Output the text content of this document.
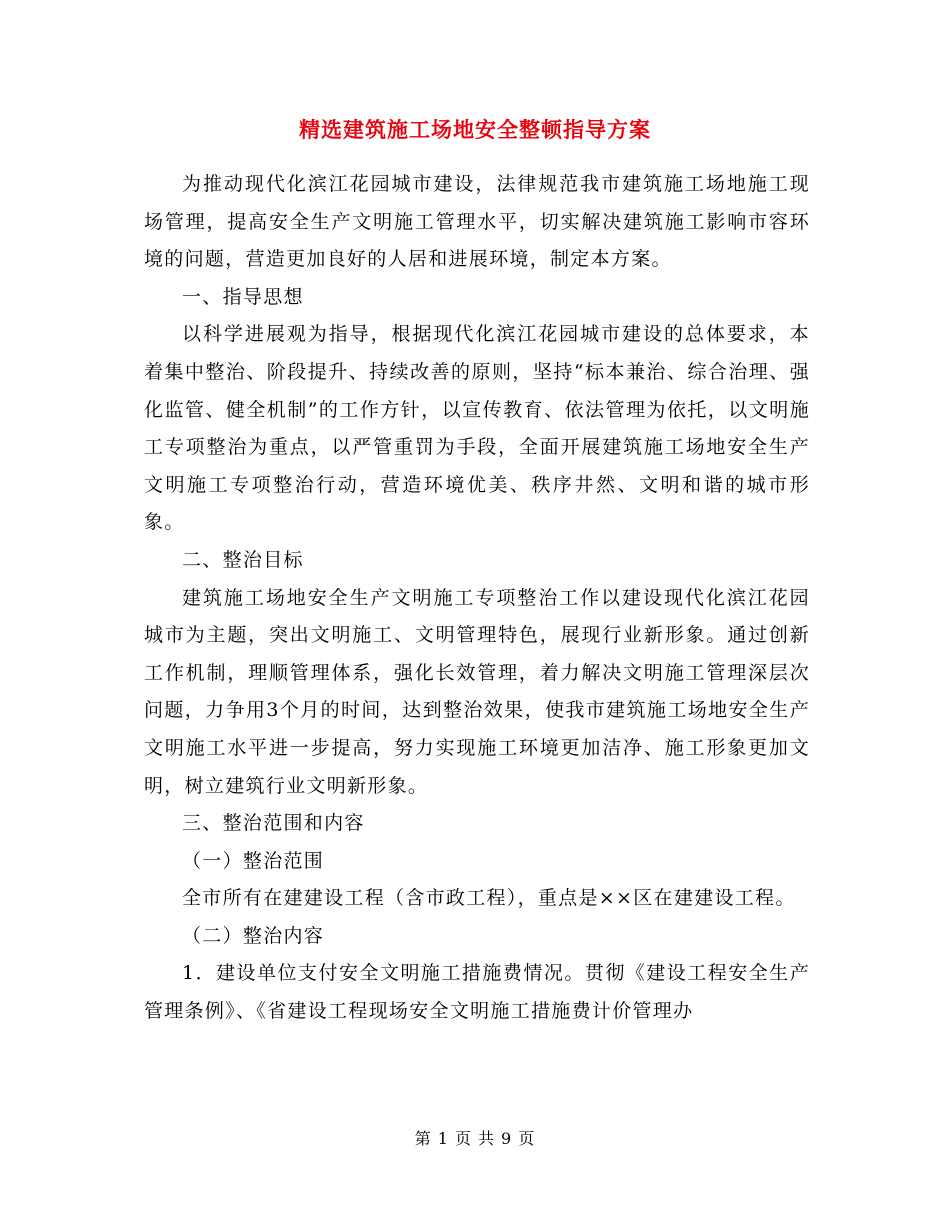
精选建筑施工场地安全整顿指导方案

为推动现代化滨江花园城市建设，法律规范我市建筑施工场地施工现场管理，提高安全生产文明施工管理水平，切实解决建筑施工影响市容环境的问题，营造更加良好的人居和进展环境，制定本方案。

一、指导思想

以科学进展观为指导，根据现代化滨江花园城市建设的总体要求，本着集中整治、阶段提升、持续改善的原则，坚持“标本兼治、综合治理、强化监管、健全机制”的工作方针，以宣传教育、依法管理为依托，以文明施工专项整治为重点，以严管重罚为手段，全面开展建筑施工场地安全生产文明施工专项整治行动，营造环境优美、秩序井然、文明和谐的城市形象。

二、整治目标

建筑施工场地安全生产文明施工专项整治工作以建设现代化滨江花园城市为主题，突出文明施工、文明管理特色，展现行业新形象。通过创新工作机制，理顺管理体系，强化长效管理，着力解决文明施工管理深层次问题，力争用3个月的时间，达到整治效果，使我市建筑施工场地安全生产文明施工水平进一步提高，努力实现施工环境更加洁净、施工形象更加文明，树立建筑行业文明新形象。

三、整治范围和内容

（一）整治范围

全市所有在建建设工程（含市政工程），重点是××区在建建设工程。

（二）整治内容

1．建设单位支付安全文明施工措施费情况。贯彻《建设工程安全生产管理条例》、《省建设工程现场安全文明施工措施费计价管理办

第 1 页 共 9 页
